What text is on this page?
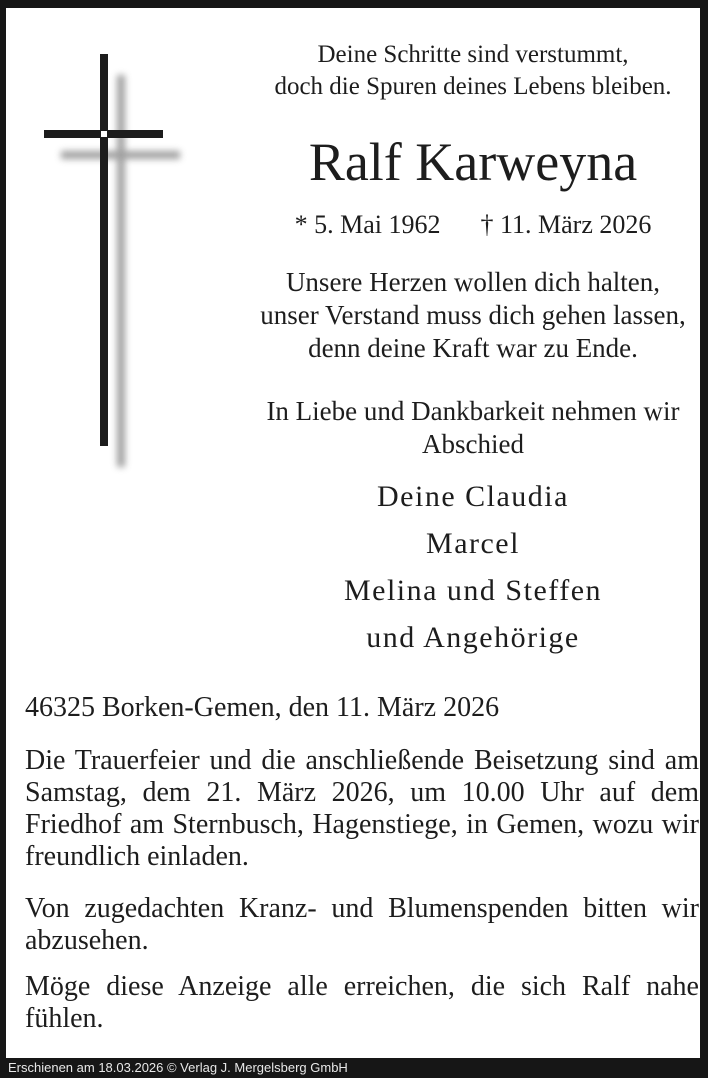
Deine Schritte sind verstummt,
doch die Spuren deines Lebens bleiben.
Ralf Karweyna
* 5. Mai 1962 † 11. März 2026
Unsere Herzen wollen dich halten,
unser Verstand muss dich gehen lassen,
denn deine Kraft war zu Ende.
In Liebe und Dankbarkeit nehmen wir
Abschied
Deine Claudia
Marcel
Melina und Steffen
und Angehörige
46325 Borken-Gemen, den 11. März 2026
Die Trauerfeier und die anschließende Beisetzung sind am
Samstag, dem 21. März 2026, um 10.00 Uhr auf dem
Friedhof am Sternbusch, Hagenstiege, in Gemen, wozu wir
freundlich einladen.
Von zugedachten Kranz- und Blumenspenden bitten wir
abzusehen.
Möge diese Anzeige alle erreichen, die sich Ralf nahe
fühlen.
Erschienen am 18.03.2026 © Verlag J. Mergelsberg GmbH
